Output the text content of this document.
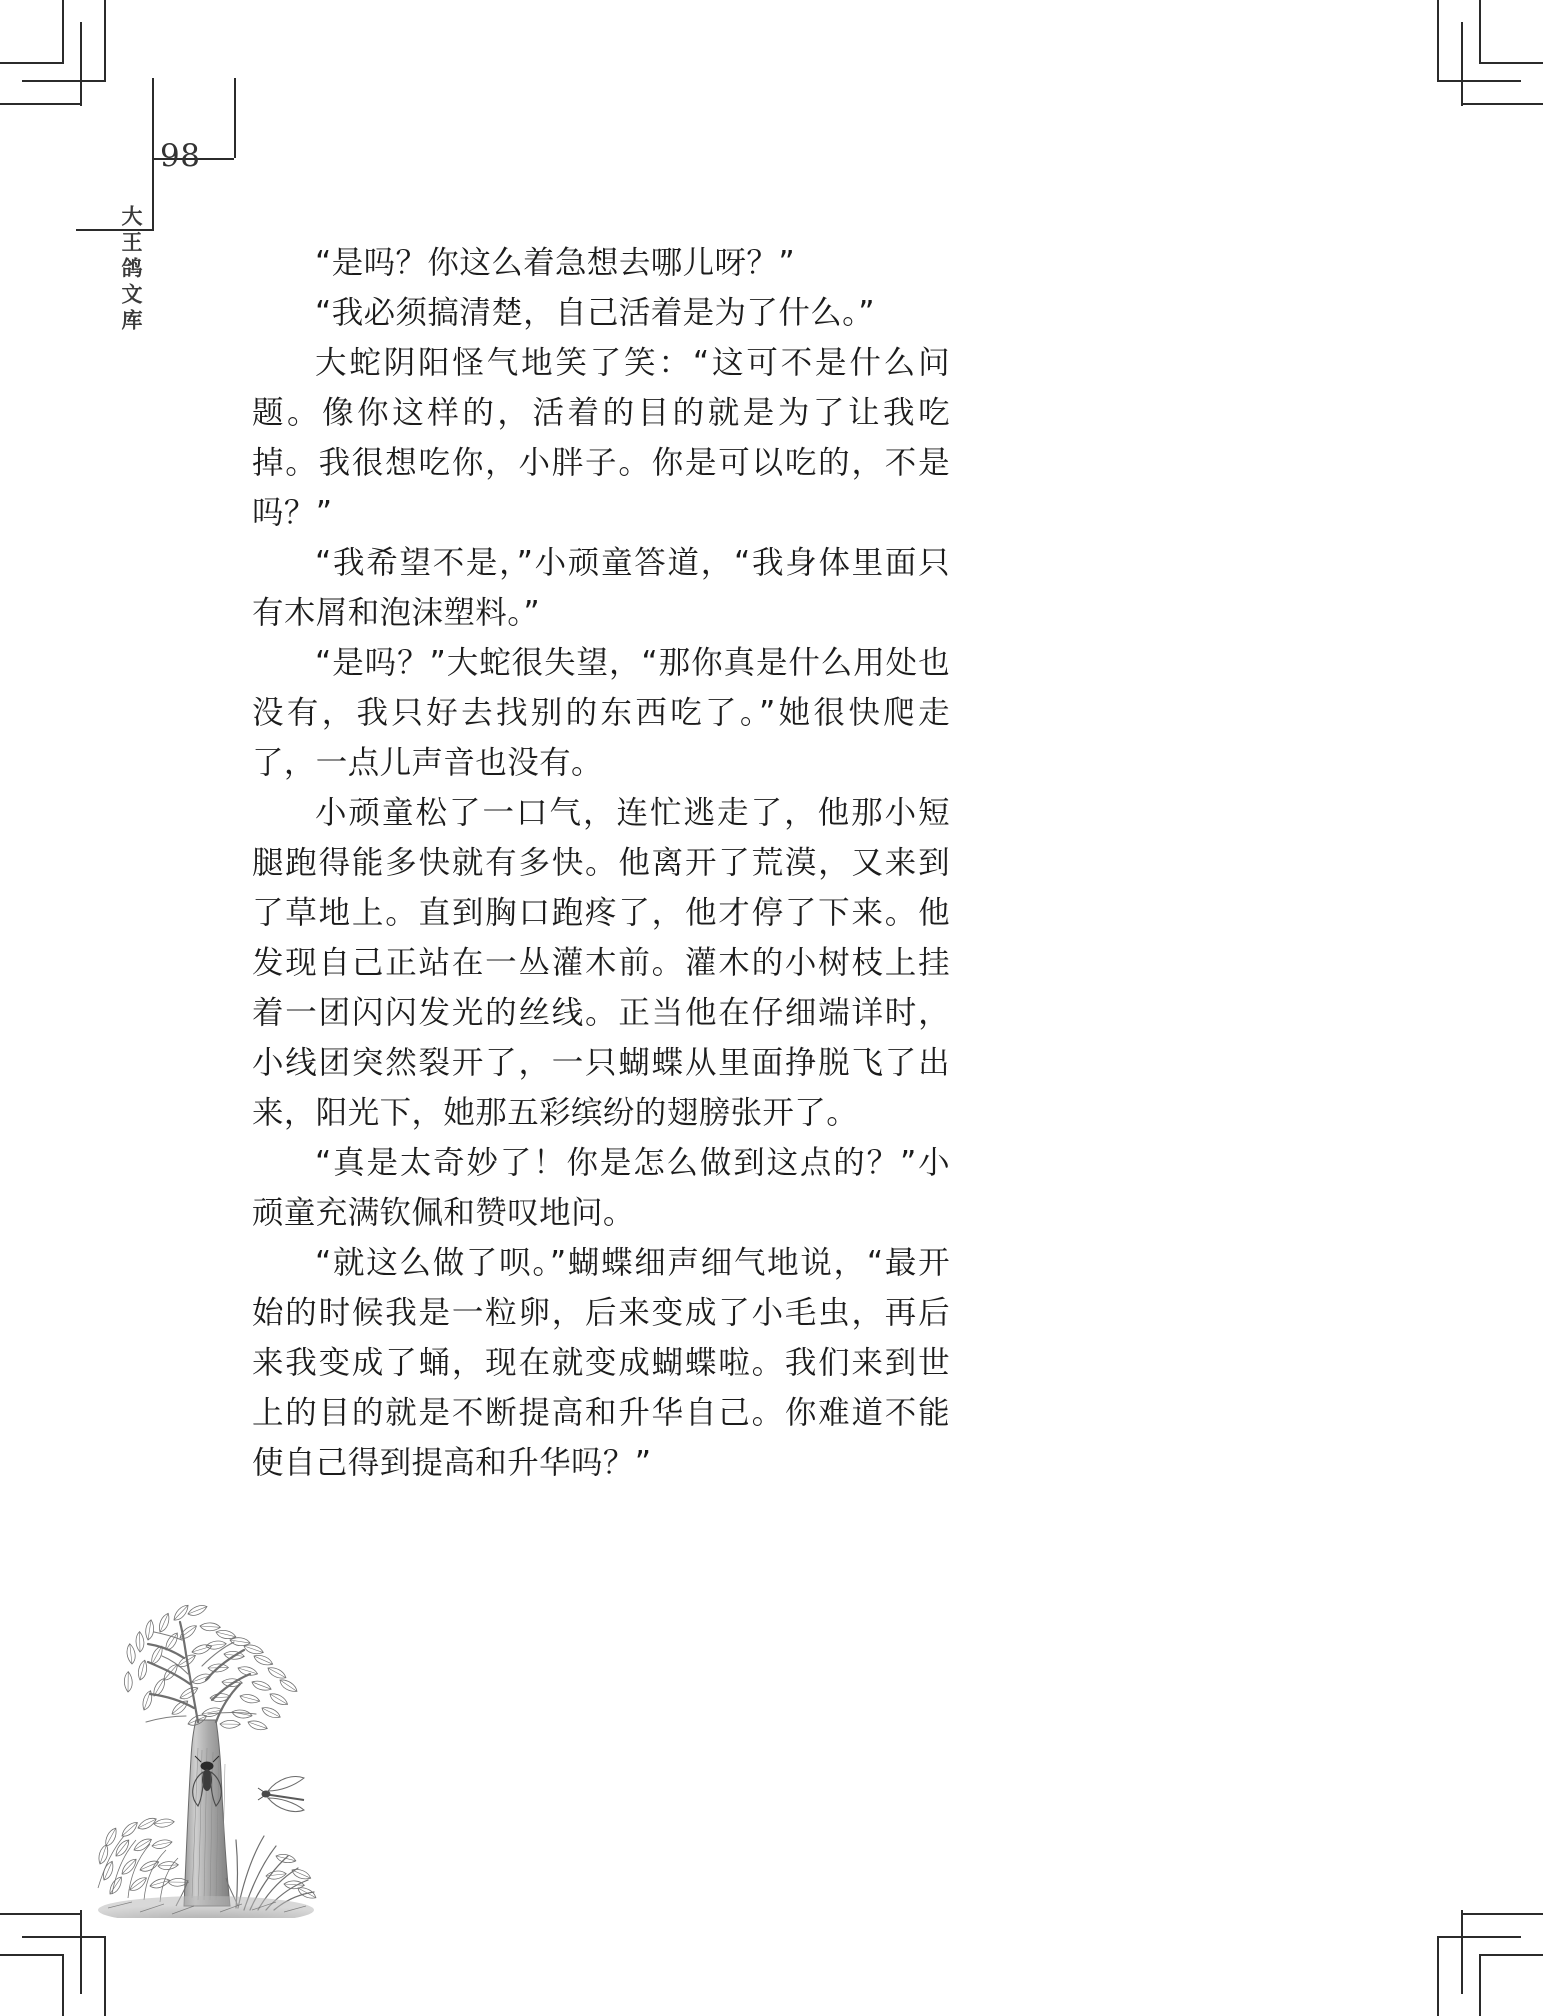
98
大王鸽文库	“是吗？你这么着急想去哪儿呀？”

“我必须搞清楚，自己活着是为了什么。”

大蛇阴阳怪气地笑了笑：“这可不是什么问题。像你这样的，活着的目的就是为了让我吃掉。我很想吃你，小胖子。你是可以吃的，不是吗？”

“我希望不是，”小顽童答道，“我身体里面只有木屑和泡沫塑料。”

“是吗？”大蛇很失望，“那你真是什么用处也没有，我只好去找别的东西吃了。”她很快爬走了，一点儿声音也没有。

小顽童松了一口气，连忙逃走了，他那小短腿跑得能多快就有多快。他离开了荒漠，又来到了草地上。直到胸口跑疼了，他才停了下来。他发现自己正站在一丛灌木前。灌木的小树枝上挂着一团闪闪发光的丝线。正当他在仔细端详时，小线团突然裂开了，一只蝴蝶从里面挣脱飞了出来，阳光下，她那五彩缤纷的翅膀张开了。

“真是太奇妙了！你是怎么做到这点的？”小顽童充满钦佩和赞叹地问。

“就这么做了呗。”蝴蝶细声细气地说，“最开始的时候我是一粒卵，后来变成了小毛虫，再后来我变成了蛹，现在就变成蝴蝶啦。我们来到世上的目的就是不断提高和升华自己。你难道不能使自己得到提高和升华吗？”
